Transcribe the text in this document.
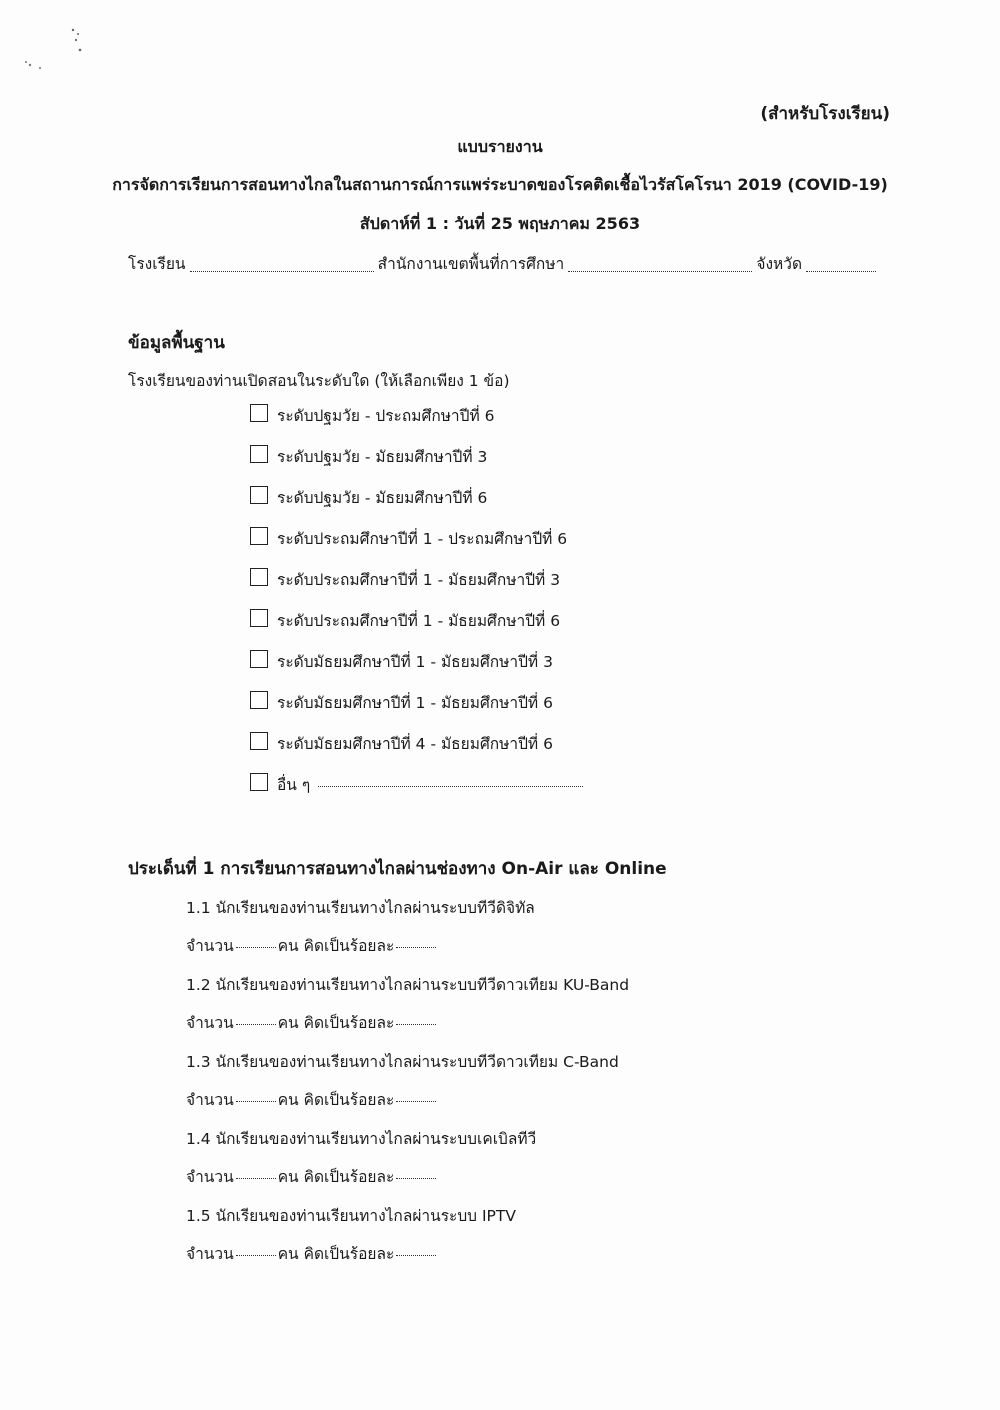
(สำหรับโรงเรียน)
แบบรายงาน
การจัดการเรียนการสอนทางไกลในสถานการณ์การแพร่ระบาดของโรคติดเชื้อไวรัสโคโรนา 2019 (COVID-19)
สัปดาห์ที่ 1 : วันที่ 25 พฤษภาคม 2563
โรงเรียน	สำนักงานเขตพื้นที่การศึกษา	จังหวัด
ข้อมูลพื้นฐาน
โรงเรียนของท่านเปิดสอนในระดับใด (ให้เลือกเพียง 1 ข้อ)
ระดับปฐมวัย - ประถมศึกษาปีที่ 6
ระดับปฐมวัย - มัธยมศึกษาปีที่ 3
ระดับปฐมวัย - มัธยมศึกษาปีที่ 6
ระดับประถมศึกษาปีที่ 1 - ประถมศึกษาปีที่ 6
ระดับประถมศึกษาปีที่ 1 - มัธยมศึกษาปีที่ 3
ระดับประถมศึกษาปีที่ 1 - มัธยมศึกษาปีที่ 6
ระดับมัธยมศึกษาปีที่ 1 - มัธยมศึกษาปีที่ 3
ระดับมัธยมศึกษาปีที่ 1 - มัธยมศึกษาปีที่ 6
ระดับมัธยมศึกษาปีที่ 4 - มัธยมศึกษาปีที่ 6
อื่น ๆ
ประเด็นที่ 1 การเรียนการสอนทางไกลผ่านช่องทาง On-Air และ Online
1.1 นักเรียนของท่านเรียนทางไกลผ่านระบบทีวีดิจิทัล
จำนวน	คน คิดเป็นร้อยละ
1.2 นักเรียนของท่านเรียนทางไกลผ่านระบบทีวีดาวเทียม KU-Band
จำนวน	คน คิดเป็นร้อยละ
1.3 นักเรียนของท่านเรียนทางไกลผ่านระบบทีวีดาวเทียม C-Band
จำนวน	คน คิดเป็นร้อยละ
1.4 นักเรียนของท่านเรียนทางไกลผ่านระบบเคเบิลทีวี
จำนวน	คน คิดเป็นร้อยละ
1.5 นักเรียนของท่านเรียนทางไกลผ่านระบบ IPTV
จำนวน	คน คิดเป็นร้อยละ
